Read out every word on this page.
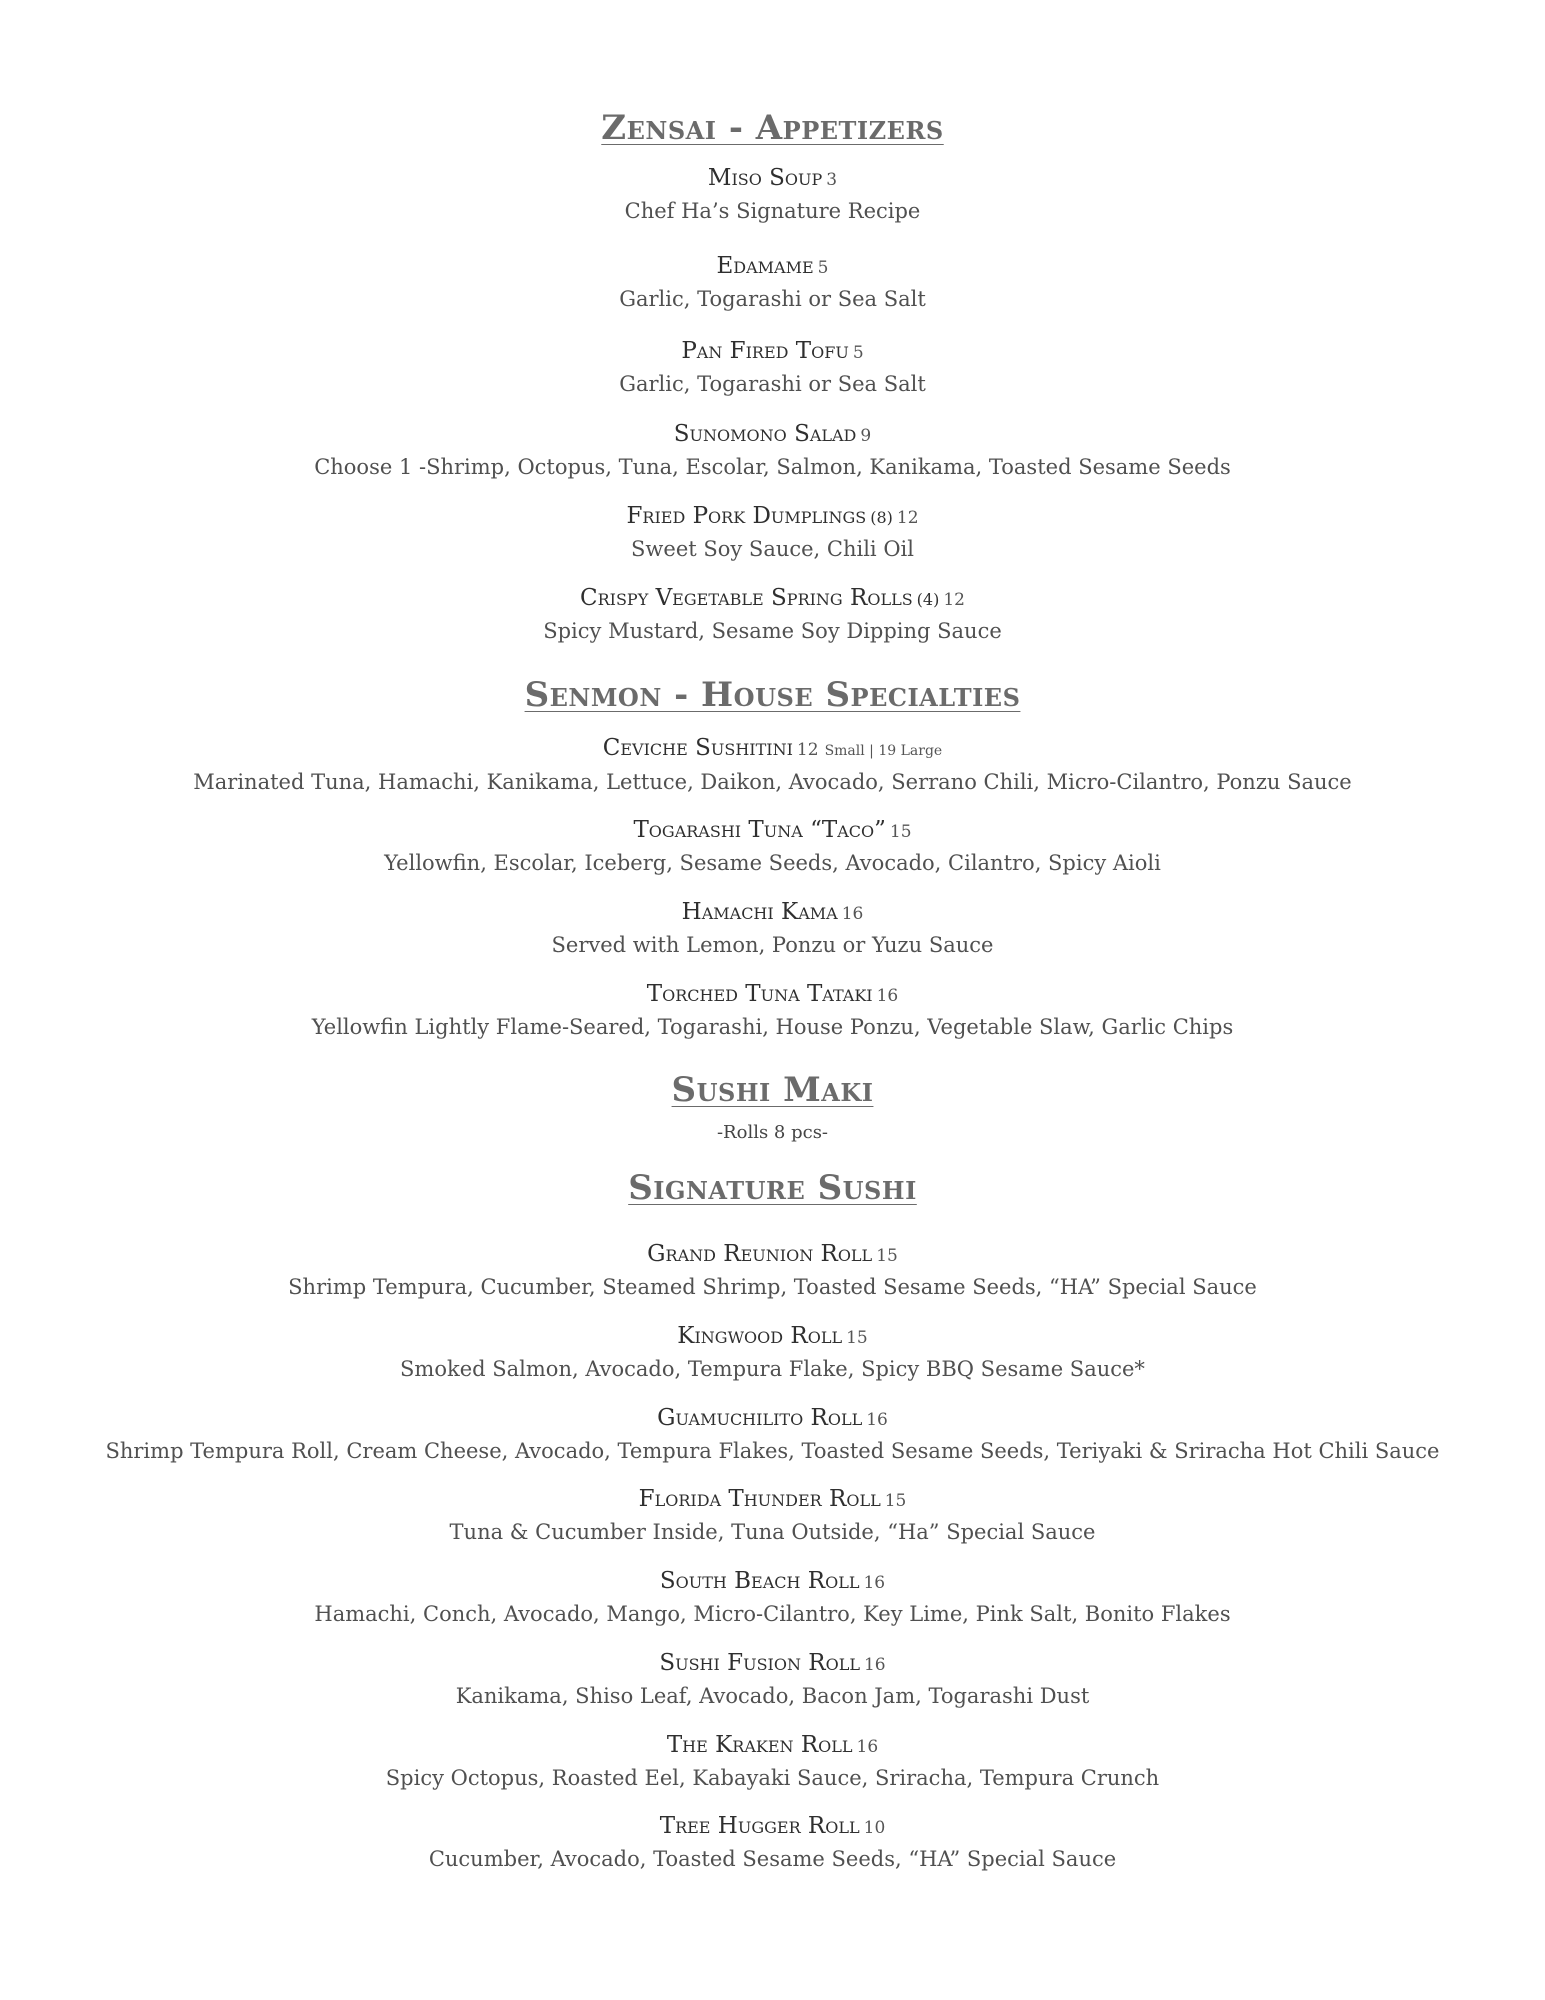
Zensai - Appetizers
Miso Soup 3
Chef Ha’s Signature Recipe
Edamame 5
Garlic, Togarashi or Sea Salt
Pan Fired Tofu 5
Garlic, Togarashi or Sea Salt
Sunomono Salad 9
Choose 1 -Shrimp, Octopus, Tuna, Escolar, Salmon, Kanikama, Toasted Sesame Seeds
Fried Pork Dumplings (8) 12
Sweet Soy Sauce, Chili Oil
Crispy Vegetable Spring Rolls (4) 12
Spicy Mustard, Sesame Soy Dipping Sauce
Senmon - House Specialties
Ceviche Sushitini 12 Small | 19 Large
Marinated Tuna, Hamachi, Kanikama, Lettuce, Daikon, Avocado, Serrano Chili, Micro-Cilantro, Ponzu Sauce
Togarashi Tuna “Taco” 15
Yellowfin, Escolar, Iceberg, Sesame Seeds, Avocado, Cilantro, Spicy Aioli
Hamachi Kama 16
Served with Lemon, Ponzu or Yuzu Sauce
Torched Tuna Tataki 16
Yellowfin Lightly Flame-Seared, Togarashi, House Ponzu, Vegetable Slaw, Garlic Chips
Sushi Maki
-Rolls 8 pcs-
Signature Sushi
Grand Reunion Roll 15
Shrimp Tempura, Cucumber, Steamed Shrimp, Toasted Sesame Seeds, “HA” Special Sauce
Kingwood Roll 15
Smoked Salmon, Avocado, Tempura Flake, Spicy BBQ Sesame Sauce*
Guamuchilito Roll 16
Shrimp Tempura Roll, Cream Cheese, Avocado, Tempura Flakes, Toasted Sesame Seeds, Teriyaki & Sriracha Hot Chili Sauce
Florida Thunder Roll 15
Tuna & Cucumber Inside, Tuna Outside, “Ha” Special Sauce
South Beach Roll 16
Hamachi, Conch, Avocado, Mango, Micro-Cilantro, Key Lime, Pink Salt, Bonito Flakes
Sushi Fusion Roll 16
Kanikama, Shiso Leaf, Avocado, Bacon Jam, Togarashi Dust
The Kraken Roll 16
Spicy Octopus, Roasted Eel, Kabayaki Sauce, Sriracha, Tempura Crunch
Tree Hugger Roll 10
Cucumber, Avocado, Toasted Sesame Seeds, “HA” Special Sauce
